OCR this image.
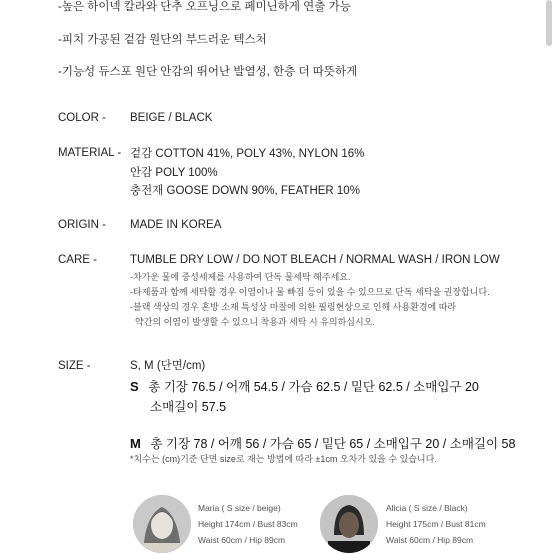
-높은 하이넥 칼라와 단추 오프닝으로 페미닌하게 연출 가능
-피치 가공된 겉감 원단의 부드러운 텍스처
-기능성 듀스포 원단 안감의 뛰어난 발열성, 한층 더 따뜻하게
COLOR - BEIGE / BLACK
MATERIAL - 겉감 COTTON 41%, POLY 43%, NYLON 16%
안감 POLY 100%
충전재 GOOSE DOWN 90%, FEATHER 10%
ORIGIN - MADE IN KOREA
CARE -	TUMBLE DRY LOW / DO NOT BLEACH / NORMAL WASH / IRON LOW
-차가운 물에 중성세제를 사용하여 단독 물세탁 해주세요.
-타제품과 함께 세탁할 경우 이염이나 물 빠짐 등이 있을 수 있으므로 단독 세탁을 권장합니다.
-블랙 색상의 경우 혼방 소재 특성상 마찰에 의한 필링현상으로 인해 사용환경에 따라
약간의 이염이 발생할 수 있으니 착용과 세탁 시 유의하십시오.
SIZE -	S, M (단면/cm)
S 총 기장 76.5 / 어깨 54.5 / 가슴 62.5 / 밑단 62.5 / 소매입구 20
소매길이 57.5
M 총 기장 78 / 어깨 56 / 가슴 65 / 밑단 65 / 소매입구 20 / 소매길이 58
*치수는 (cm)기준 단면 size로 재는 방법에 따라 ±1cm 오차가 있을 수 있습니다.
Maria ( S size / beige)
Height 174cm / Bust 83cm
Waist 60cm / Hip 89cm
Alicia ( S size / Black)
Height 175cm / Bust 81cm
Waist 60cm / Hip 89cm
